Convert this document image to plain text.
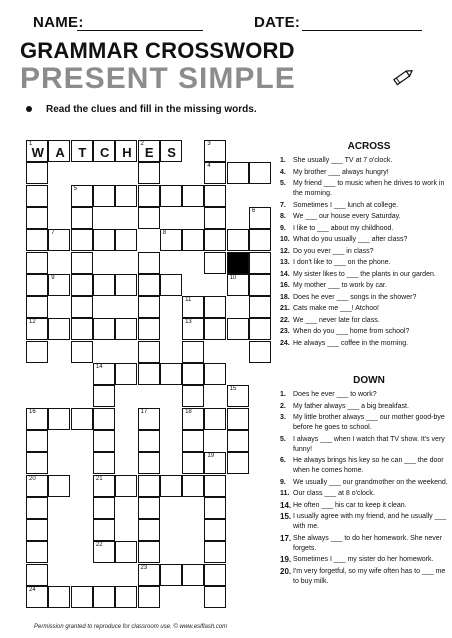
NAME:	DATE:
GRAMMAR CROSSWORD
PRESENT SIMPLE
Read the clues and fill in the missing words.
1
W A	T	C H
2
E	S
3
4
5
6
7	8
9	10
11
12	13
14
15
16	17	18
19
20	21
22
23
24
ACROSS
1.	She usually ___ TV at 7 o'clock.
4.	My brother ___ always hungry!
5.	My friend ___ to music when he drives to work in the morning.
7.	Sometimes I ___ lunch at college.
8.	We ___ our house every Saturday.
9.	I like to ___ about my childhood.
10. What do you usually ___ after class?
12. Do you ever ___ in class?
13. I don't like to ___ on the phone.
14. My sister likes to ___ the plants in our garden.
16. My mother ___ to work by car.
18. Does he ever ___ songs in the shower?
21. Cats make me ___! Atchoo!
22. We ___ never late for class.
23. When do you ___ home from school?
24. He always ___ coffee in the morning.
DOWN
1.	Does he ever ___ to work?
2.	My father always ___ a big breakfast.
3.	My little brother always ___ our mother good-bye before he goes to school.
5.	I always ___ when I watch that TV show. It's very funny!
6.	He always brings his key so he can ___ the door when he comes home.
9.	We usually ___ our grandmother on the weekend.
11. Our class ___ at 8 o'clock.
14. He often ___ his car to keep it clean.
15. I usually agree with my friend, and he usually ___ with me.
17. She always ___ to do her homework. She never forgets.
19. Sometimes I ___ my sister do her homework.
20. I'm very forgetful, so my wife often has to ___ me to buy milk.
Permission granted to reproduce for classroom use. © www.eslflash.com
